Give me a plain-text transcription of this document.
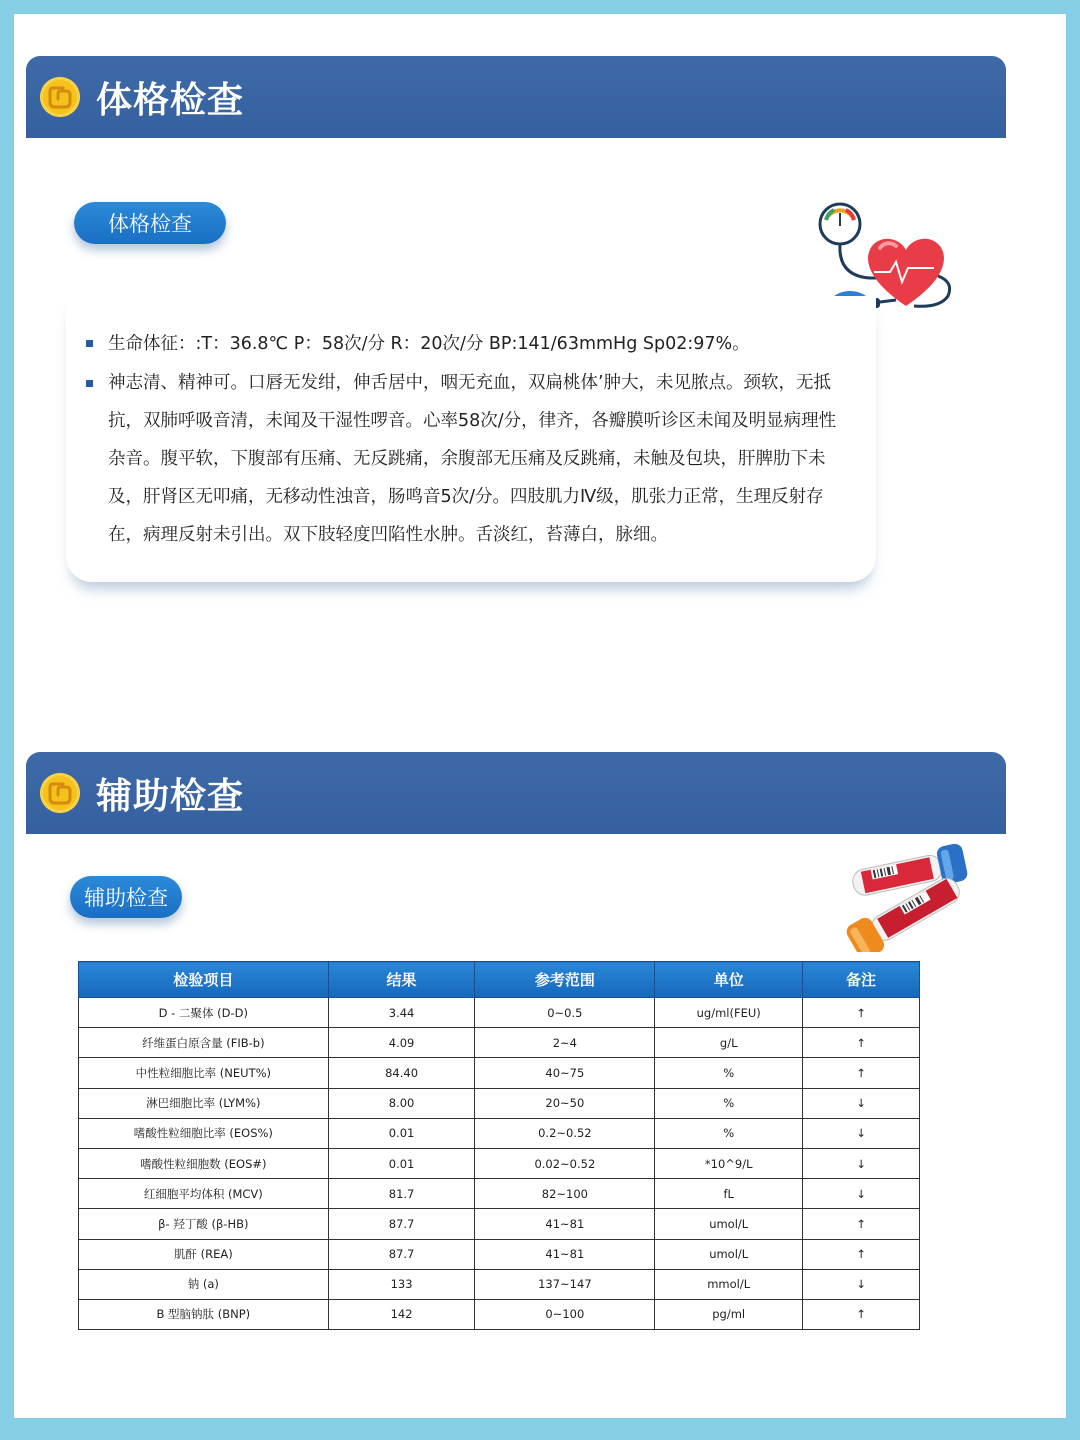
体格检查
体格检查
生命体征：:T：36.8℃ P：58次/分 R：20次/分 BP:141/63mmHg Sp02:97%。
神志清、精神可。口唇无发绀，伸舌居中，咽无充血，双扁桃体’肿大，未见脓点。颈软，无抵抗，双肺呼吸音清，未闻及干湿性啰音。心率58次/分，律齐，各瓣膜听诊区未闻及明显病理性杂音。腹平软，下腹部有压痛、无反跳痛，余腹部无压痛及反跳痛，未触及包块，肝脾肋下未及，肝肾区无叩痛，无移动性浊音，肠鸣音5次/分。四肢肌力Ⅳ级，肌张力正常，生理反射存在，病理反射未引出。双下肢轻度凹陷性水肿。舌淡红，苔薄白，脉细。
辅助检查
辅助检查
检验项目	结果	参考范围	单位	备注
D - 二聚体 (D-D)	3.44	0~0.5	ug/ml(FEU)	↑
纤维蛋白原含量 (FIB-b)	4.09	2~4	g/L	↑
中性粒细胞比率 (NEUT%)	84.40	40~75	%	↑
淋巴细胞比率 (LYM%)	8.00	20~50	%	↓
嗜酸性粒细胞比率 (EOS%)	0.01	0.2~0.52	%	↓
嗜酸性粒细胞数 (EOS#)	0.01	0.02~0.52	*10^9/L	↓
红细胞平均体积 (MCV)	81.7	82~100	fL	↓
β- 羟丁酸 (β-HB)	87.7	41~81	umol/L	↑
肌酐 (REA)	87.7	41~81	umol/L	↑
钠 (a)	133	137~147	mmol/L	↓
B 型脑钠肽 (BNP)	142	0~100	pg/ml	↑
